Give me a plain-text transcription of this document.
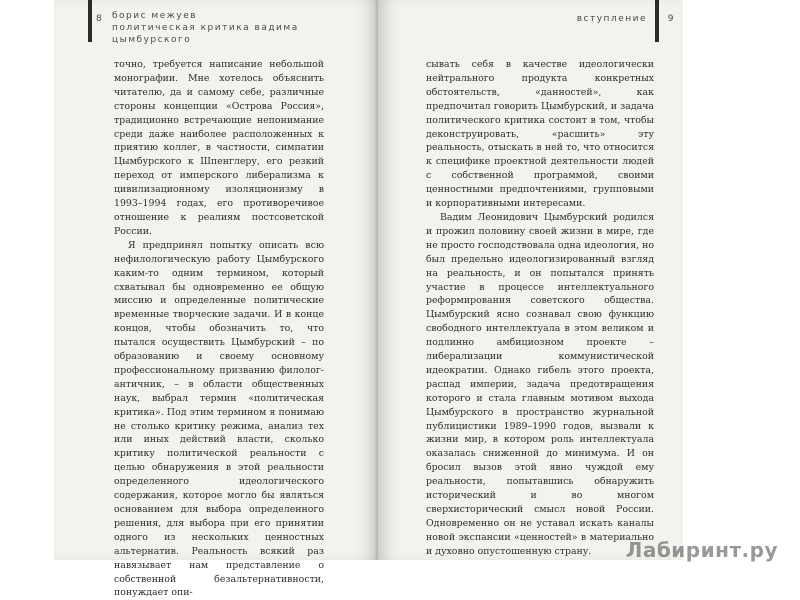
8 борис межуев
политическая критика вадима цымбурского

точно, требуется написание небольшой монографии. Мне хотелось объяснить читателю, да и самому себе, различные стороны концепции «Острова Россия», традиционно встречающие непонимание среди даже наиболее расположенных к приятию коллег, в частности, симпатии Цымбурского к Шпенглеру, его резкий переход от имперского либерализма к цивилизационному изоляционизму в 1993–1994 годах, его противоречивое отношение к реалиям постсоветской России.

Я предпринял попытку описать всю нефилологическую работу Цымбурского каким-то одним термином, который схватывал бы одновременно ее общую миссию и определенные политические временные творческие задачи. И в конце концов, чтобы обозначить то, что пытался осуществить Цымбурский – по образованию и своему основному профессиональному призванию филолог-античник, – в области общественных наук, выбрал термин «политическая критика». Под этим термином я понимаю не столько критику режима, анализ тех или иных действий власти, сколько критику политической реальности с целью обнаружения в этой реальности определенного идеологического содержания, которое могло бы являться основанием для выбора определенного решения, для выбора при его принятии одного из нескольких ценностных альтернатив. Реальность всякий раз навязывает нам представление о собственной безальтернативности, понуждает опи-

вступление 9

сывать себя в качестве идеологически нейтрального продукта конкретных обстоятельств, «данностей», как предпочитал говорить Цымбурский, и задача политического критика состоит в том, чтобы деконструировать, «расшить» эту реальность, отыскать в ней то, что относится к специфике проектной деятельности людей с собственной программой, своими ценностными предпочтениями, групповыми и корпоративными интересами.

Вадим Леонидович Цымбурский родился и прожил половину своей жизни в мире, где не просто господствовала одна идеология, но был предельно идеологизированный взгляд на реальность, и он попытался принять участие в процессе интеллектуального реформирования советского общества. Цымбурский ясно сознавал свою функцию свободного интеллектуала в этом великом и подлинно амбициозном проекте – либерализации коммунистической идеократии. Однако гибель этого проекта, распад империи, задача предотвращения которого и стала главным мотивом выхода Цымбурского в пространство журнальной публицистики 1989–1990 годов, вызвали к жизни мир, в котором роль интеллектуала оказалась сниженной до минимума. И он бросил вызов этой явно чуждой ему реальности, попытавшись обнаружить исторический и во многом сверхисторический смысл новой России. Одновременно он не уставал искать каналы новой экспансии «ценностей» в материально и духовно опустошенную страну.	Лабиринт.ру
